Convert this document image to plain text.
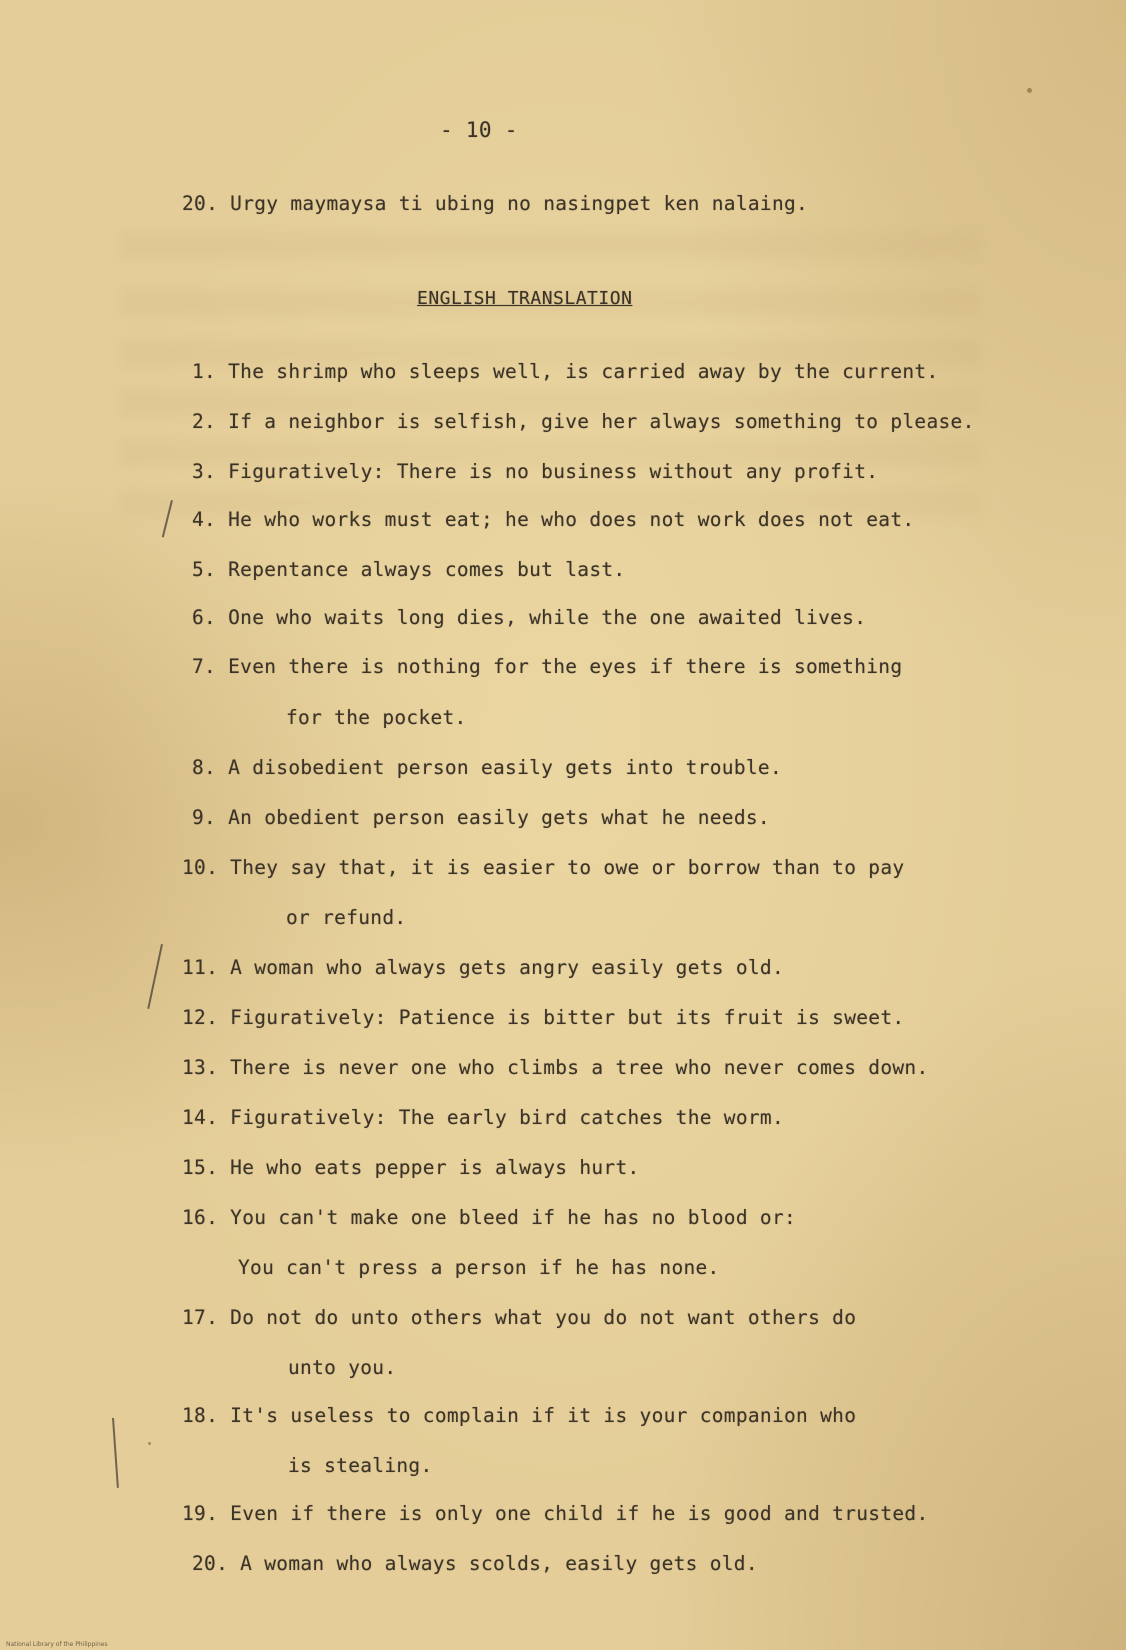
- 10 -
20. Urgy maymaysa ti ubing no nasingpet ken nalaing.
ENGLISH TRANSLATION
1. The shrimp who sleeps well, is carried away by the current.
2. If a neighbor is selfish, give her always something to please.
3. Figuratively: There is no business without any profit.
4. He who works must eat; he who does not work does not eat.
5. Repentance always comes but last.
6. One who waits long dies, while the one awaited lives.
7. Even there is nothing for the eyes if there is something
for the pocket.
8. A disobedient person easily gets into trouble.
9. An obedient person easily gets what he needs.
10. They say that, it is easier to owe or borrow than to pay
or refund.
11. A woman who always gets angry easily gets old.
12. Figuratively: Patience is bitter but its fruit is sweet.
13. There is never one who climbs a tree who never comes down.
14. Figuratively: The early bird catches the worm.
15. He who eats pepper is always hurt.
16. You can't make one bleed if he has no blood or:
You can't press a person if he has none.
17. Do not do unto others what you do not want others do
unto you.
18. It's useless to complain if it is your companion who
is stealing.
19. Even if there is only one child if he is good and trusted.
20. A woman who always scolds, easily gets old.
National Library of the Philippines
